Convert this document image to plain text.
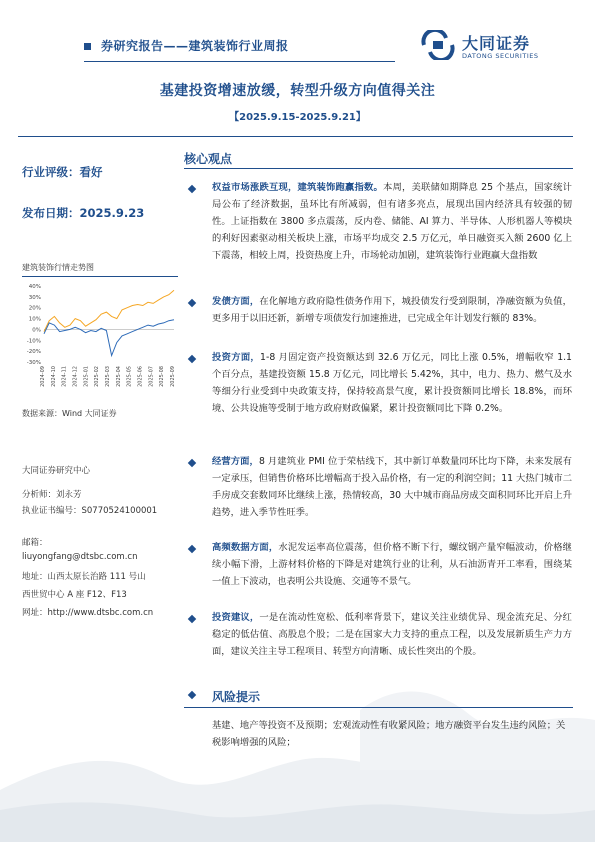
券研究报告——建筑装饰行业周报	大同证券
DATONG SECURITIES
基建投资增速放缓，转型升级方向值得关注
【2025.9.15-2025.9.21】
行业评级：看好
发布日期：2025.9.23
建筑装饰行情走势图
40%
30%
20%
10%
0%
-10%
-20%
-30%
2024-09 2024-10 2024-11 2024-12 2025-01 2025-02 2025-03 2025-04 2025-05 2025-06 2025-07 2025-08 2025-09
数据来源：Wind 大同证券
大同证券研究中心
分析师：刘永芳
执业证书编号：S0770524100001
邮箱：
liuyongfang@dtsbc.com.cn
地址：山西太原长治路 111 号山
西世贸中心 A 座 F12、F13
网址：http://www.dtsbc.com.cn
核心观点
权益市场涨跌互现，建筑装饰跑赢指数。本周，美联储如期降息 25 个基点，国家统计局公布了经济数据，虽环比有所减弱，但有诸多亮点，展现出国内经济具有较强的韧性。上证指数在 3800 多点震荡，反内卷、储能、AI 算力、半导体、人形机器人等模块的利好因素驱动相关板块上涨，市场平均成交 2.5 万亿元，单日融资买入额 2600 亿上下震荡，相较上周，投资热度上升，市场轮动加剧，建筑装饰行业跑赢大盘指数
发债方面，在化解地方政府隐性债务作用下，城投债发行受到限制，净融资额为负值，更多用于以旧还新，新增专项债发行加速推进，已完成全年计划发行额的 83%。
投资方面，1-8 月固定资产投资额达到 32.6 万亿元，同比上涨 0.5%，增幅收窄 1.1 个百分点，基建投资额 15.8 万亿元，同比增长 5.42%，其中，电力、热力、燃气及水等细分行业受到中央政策支持，保持较高景气度，累计投资额同比增长 18.8%，而环境、公共设施等受制于地方政府财政偏紧，累计投资额同比下降 0.2%。
经营方面，8 月建筑业 PMI 位于荣枯线下，其中新订单数量同环比均下降，未来发展有一定承压，但销售价格环比增幅高于投入品价格，有一定的利润空间；11 大热门城市二手房成交套数同环比继续上涨，热情较高，30 大中城市商品房成交面积同环比开启上升趋势，进入季节性旺季。
高频数据方面，水泥发运率高位震荡，但价格不断下行，螺纹钢产量窄幅波动，价格继续小幅下滑，上游材料价格的下降是对建筑行业的让利，从石油沥青开工率看，围绕某一值上下波动，也表明公共设施、交通等不景气。
投资建议，一是在流动性宽松、低利率背景下，建议关注业绩优异、现金流充足、分红稳定的低估值、高股息个股；二是在国家大力支持的重点工程，以及发展新质生产力方面，建议关注主导工程项目、转型方向清晰、成长性突出的个股。
风险提示
基建、地产等投资不及预期；宏观流动性有收紧风险；地方融资平台发生违约风险；关税影响增强的风险；
